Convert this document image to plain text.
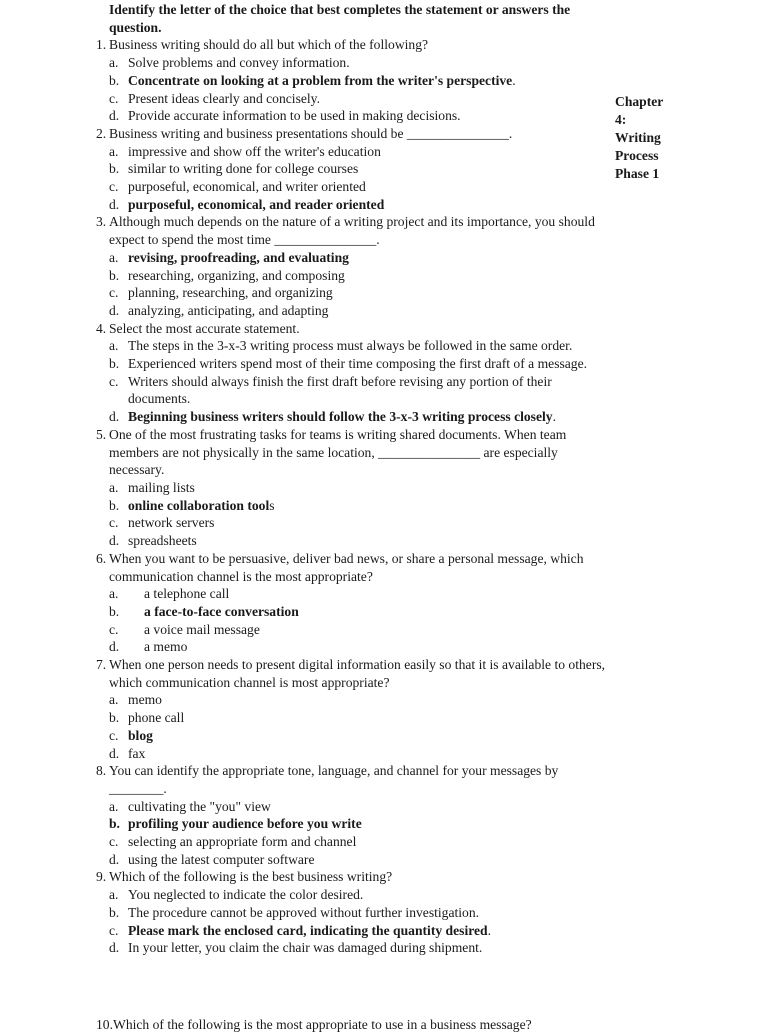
Identify the letter of the choice that best completes the statement or answers the question.
1. Business writing should do all but which of the following?
a. Solve problems and convey information.
b. Concentrate on looking at a problem from the writer's perspective.
c. Present ideas clearly and concisely.
d. Provide accurate information to be used in making decisions.
2. Business writing and business presentations should be _______________.
a. impressive and show off the writer's education
b. similar to writing done for college courses
c. purposeful, economical, and writer oriented
d. purposeful, economical, and reader oriented
3. Although much depends on the nature of a writing project and its importance, you should expect to spend the most time _______________.
a. revising, proofreading, and evaluating
b. researching, organizing, and composing
c. planning, researching, and organizing
d. analyzing, anticipating, and adapting
4. Select the most accurate statement.
a. The steps in the 3-x-3 writing process must always be followed in the same order.
b. Experienced writers spend most of their time composing the first draft of a message.
c. Writers should always finish the first draft before revising any portion of their documents.
d. Beginning business writers should follow the 3-x-3 writing process closely.
5. One of the most frustrating tasks for teams is writing shared documents. When team members are not physically in the same location, _______________ are especially necessary.
a. mailing lists
b. online collaboration tools
c. network servers
d. spreadsheets
6. When you want to be persuasive, deliver bad news, or share a personal message, which communication channel is the most appropriate?
a.	a telephone call
b.	a face-to-face conversation
c.	a voice mail message
d.	a memo
7. When one person needs to present digital information easily so that it is available to others, which communication channel is most appropriate?
a. memo
b. phone call
c. blog
d. fax
8. You can identify the appropriate tone, language, and channel for your messages by
________.
a. cultivating the "you" view
b. profiling your audience before you write
c. selecting an appropriate form and channel
d. using the latest computer software
9. Which of the following is the best business writing?
a. You neglected to indicate the color desired.
b. The procedure cannot be approved without further investigation.
c. Please mark the enclosed card, indicating the quantity desired.
d. In your letter, you claim the chair was damaged during shipment.
Chapter
4:
Writing
Process
Phase 1
10.Which of the following is the most appropriate to use in a business message?
